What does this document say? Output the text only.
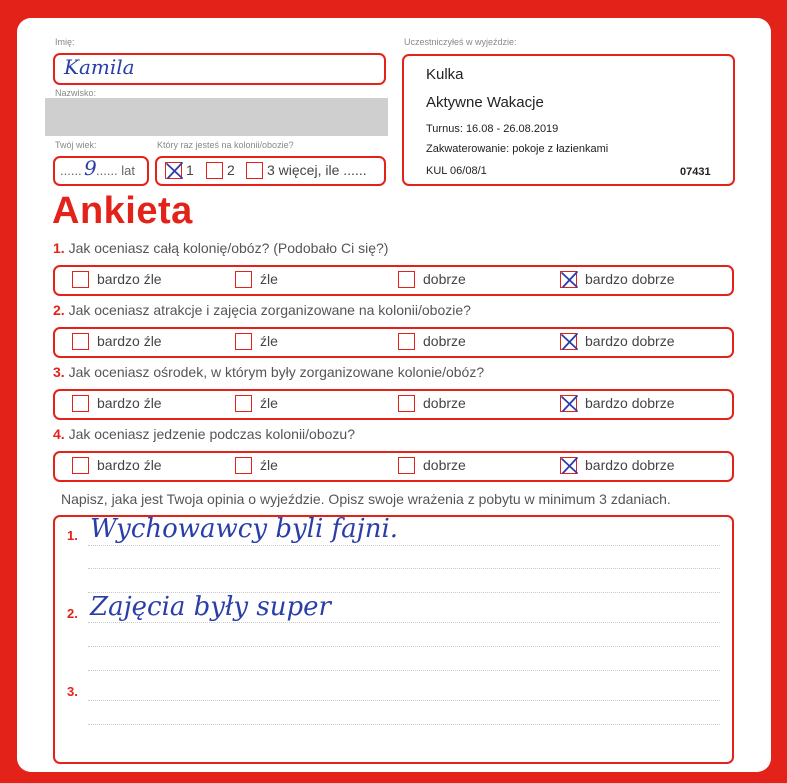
Imię:
Kamila
Nazwisko:
Twój wiek:
...... 9 ...... lat
Który raz jesteś na kolonii/obozie?
1 2 3 więcej, ile ......
Uczestniczyłeś w wyjeździe:
Kulka
Aktywne Wakacje
Turnus: 16.08 - 26.08.2019
Zakwaterowanie: pokoje z łazienkami
KUL 06/08/1	07431
Ankieta
1. Jak oceniasz całą kolonię/obóz? (Podobało Ci się?)
bardzo źle	źle	dobrze	bardzo dobrze
2. Jak oceniasz atrakcje i zajęcia zorganizowane na kolonii/obozie?
bardzo źle	źle	dobrze	bardzo dobrze
3. Jak oceniasz ośrodek, w którym były zorganizowane kolonie/obóz?
bardzo źle	źle	dobrze	bardzo dobrze
4. Jak oceniasz jedzenie podczas kolonii/obozu?
bardzo źle	źle	dobrze	bardzo dobrze
Napisz, jaka jest Twoja opinia o wyjeździe. Opisz swoje wrażenia z pobytu w minimum 3 zdaniach.
1. Wychowawcy byli fajni.
2. Zajęcia były super
3.
